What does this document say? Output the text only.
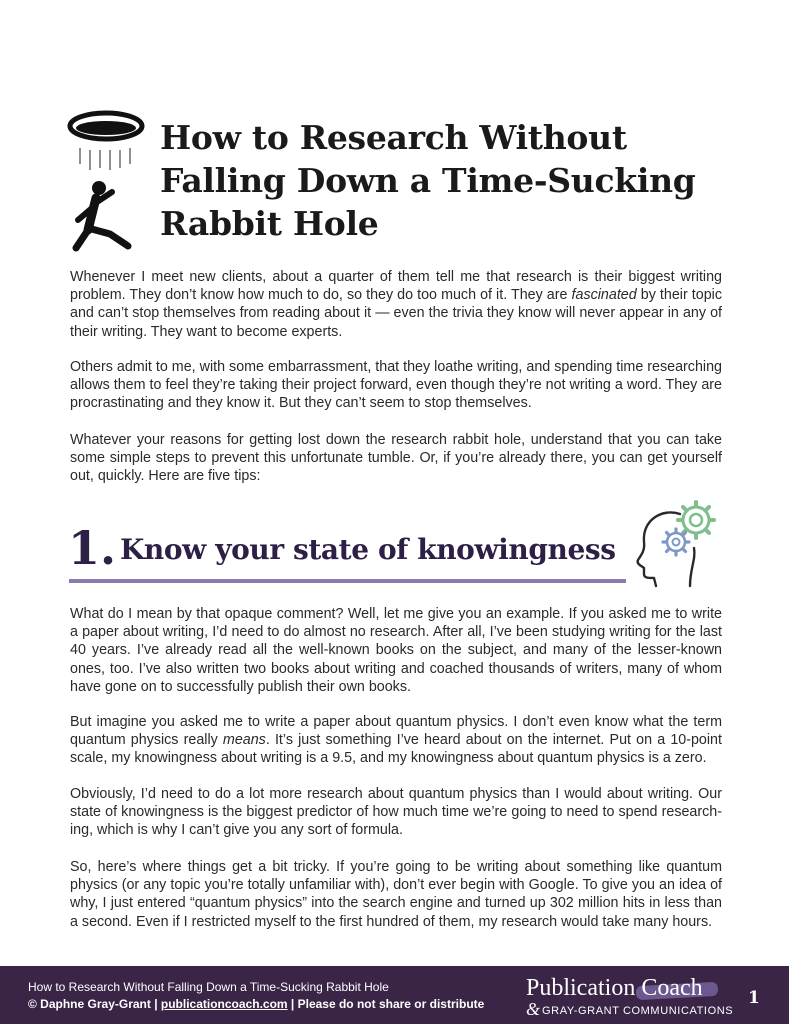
How to Research Without Falling Down a Time-Sucking Rabbit Hole

Whenever I meet new clients, about a quarter of them tell me that research is their biggest writing problem. They don’t know how much to do, so they do too much of it. They are fascinated by their topic and can’t stop themselves from reading about it — even the trivia they know will never appear in any of their writing. They want to become experts.

Others admit to me, with some embarrassment, that they loathe writing, and spending time researching allows them to feel they’re taking their project forward, even though they’re not writing a word. They are procrastinating and they know it. But they can’t seem to stop themselves.

Whatever your reasons for getting lost down the research rabbit hole, understand that you can take some simple steps to prevent this unfortunate tumble. Or, if you’re already there, you can get yourself out, quickly. Here are five tips:

1. Know your state of knowingness

What do I mean by that opaque comment? Well, let me give you an example. If you asked me to write a paper about writing, I’d need to do almost no research. After all, I’ve been studying writing for the last 40 years. I’ve already read all the well-known books on the subject, and many of the lesser-known ones, too. I’ve also written two books about writing and coached thousands of writers, many of whom have gone on to successfully publish their own books.

But imagine you asked me to write a paper about quantum physics. I don’t even know what the term quantum physics really means. It’s just something I’ve heard about on the internet. Put on a 10-point scale, my knowingness about writing is a 9.5, and my knowingness about quantum physics is a zero.

Obviously, I’d need to do a lot more research about quantum physics than I would about writing. Our state of knowingness is the biggest predictor of how much time we’re going to need to spend research-ing, which is why I can’t give you any sort of formula.

So, here’s where things get a bit tricky. If you’re going to be writing about something like quantum physics (or any topic you’re totally unfamiliar with), don’t ever begin with Google. To give you an idea of why, I just entered “quantum physics” into the search engine and turned up 302 million hits in less than a second. Even if I restricted myself to the first hundred of them, my research would take many hours.

How to Research Without Falling Down a Time-Sucking Rabbit Hole
© Daphne Gray-Grant | publicationcoach.com | Please do not share or distribute
Publication Coach
& GRAY-GRANT COMMUNICATIONS
1
